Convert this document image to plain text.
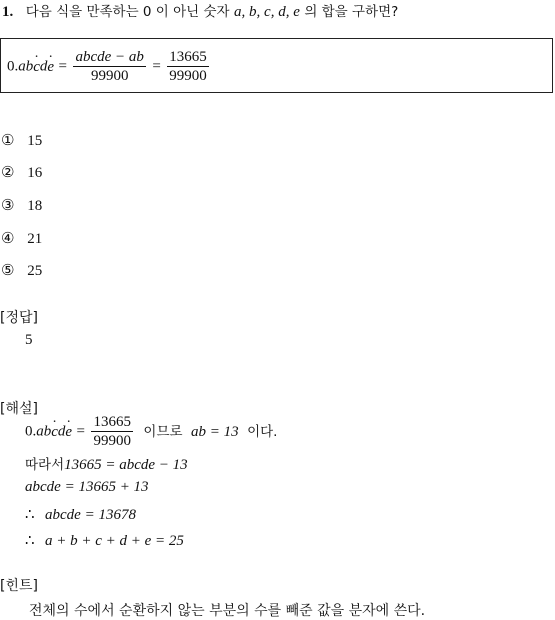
1. 다음 식을 만족하는 0 이 아닌 숫자 a, b, c, d, e 의 합을 구하면?
$0.ab\cdot cd\cdot e = \frac{\text{abcde − ab}}{99900} = \frac{13665}{99900}$
① 15
② 16
③ 18
④ 21
⑤ 25
[정답]
5
[해설]
$0.ab\cdot cd\cdot e = \frac{13665}{99900}$ 이므로 ab = 13 이다.
따라서13665 = abcde − 13
abcde = 13665 + 13
∴ abcde = 13678
∴ a + b + c + d + e = 25
[힌트]
전체의 수에서 순환하지 않는 부분의 수를 빼준 값을 분자에 쓴다.
